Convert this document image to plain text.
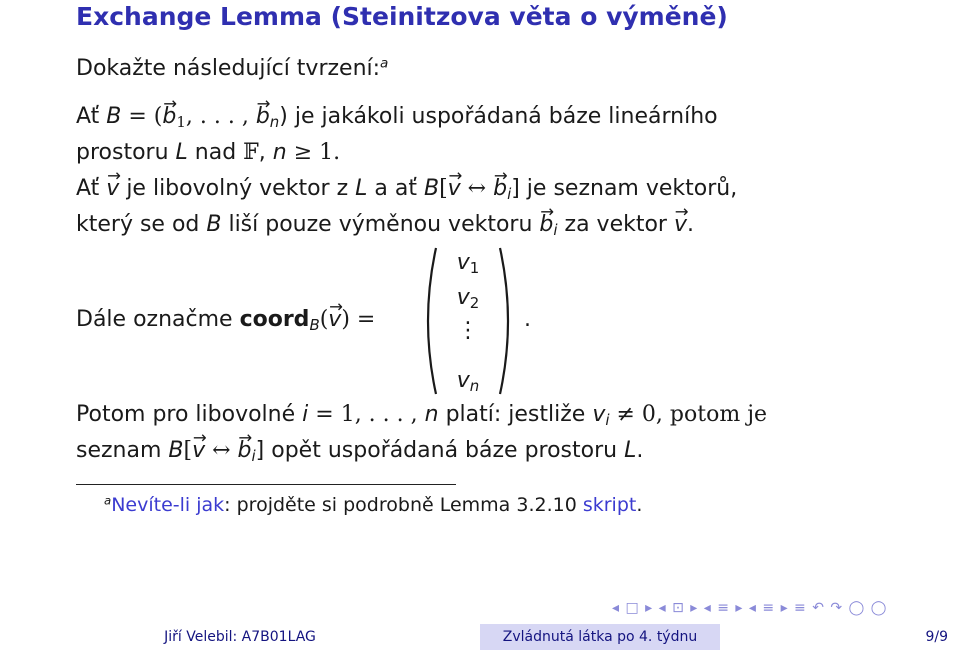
Exchange Lemma (Steinitzova věta o výměně)
Dokažte následující tvrzení:$^a$
Ať B = (→ $b_1$, . . . , → $b_n$) je jakákoli uspořádaná báze lineárního
prostoru L nad 𝔽, n ≥ 1.
Ať → v je libovolný vektor z L a ať B[→ v ↔ → $b_i$] je seznam vektorů,
který se od B liší pouze výměnou vektoru → $b_i$ za vektor → v.
Dále označme coord$_B$(→ v) =
$v_1$
$v_2$
⋮
$v_n$
.
Potom pro libovolné i = 1, . . . , n platí: jestliže $v_i \ne 0$, potom je
seznam B[→ v ↔ → $b_i$] opět uspořádaná báze prostoru L.
$^a$Nevíte-li jak: projděte si podrobně Lemma 3.2.10 skript.
◂ □ ▸ ◂ ⊡ ▸ ◂ ≡ ▸ ◂ ≡ ▸ ≡ ↶ ↷ ◯ ◯
Jiří Velebil: A7B01LAG	Zvládnutá látka po 4. týdnu	9/9
